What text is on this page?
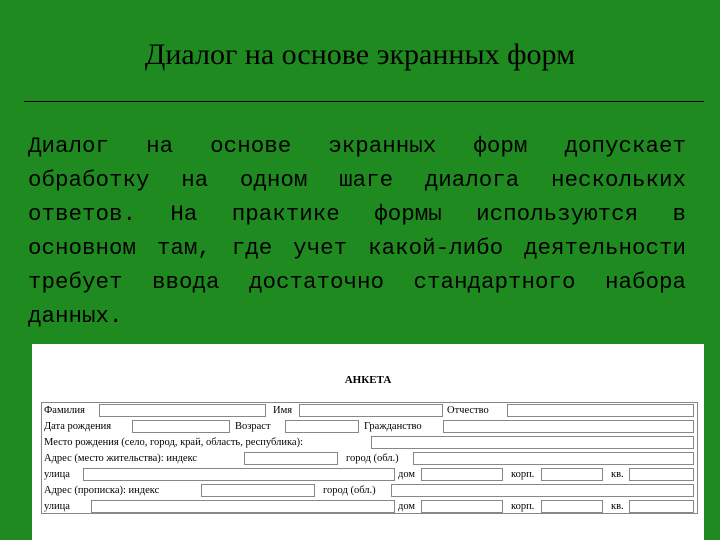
Диалог на основе экранных форм
Диалог на основе экранных форм допускает обработку на одном шаге диалога нескольких ответов. На практике формы используются в основном там, где учет какой-либо деятельности требует ввода достаточно стандартного набора данных.
АНКЕТА
Фамилия	Имя	Отчество
Дата рождения	Возраст	Гражданство
Место рождения (село, город, край, область, республика):
Адрес (место жительства): индекс	город (обл.)
улица	дом	корп.	кв.
Адрес (прописка): индекс	город (обл.)
улица	дом	корп.	кв.
